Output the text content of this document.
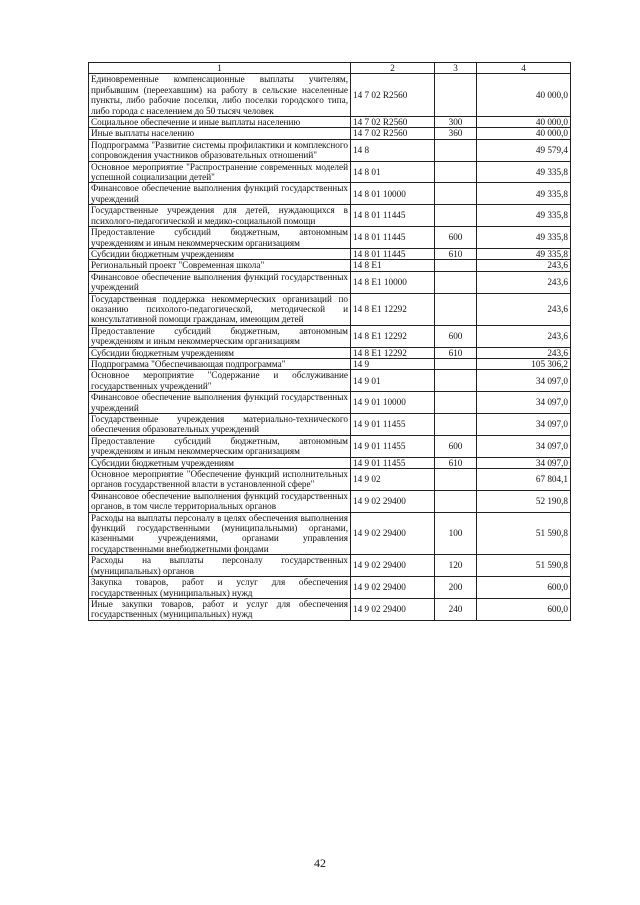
1	2	3	4
Единовременные компенсационные выплаты учителям, прибывшим (переехавшим) на работу в сельские населенные пункты, либо рабочие поселки, либо поселки городского типа, либо города с населением до 50 тысяч человек	14 7 02 R2560		40 000,0
Социальное обеспечение и иные выплаты населению	14 7 02 R2560	300	40 000,0
Иные выплаты населению	14 7 02 R2560	360	40 000,0
Подпрограмма "Развитие системы профилактики и комплексного сопровождения участников образовательных отношений"	14 8		49 579,4
Основное мероприятие "Распространение современных моделей успешной социализации детей"	14 8 01		49 335,8
Финансовое обеспечение выполнения функций государственных учреждений	14 8 01 10000		49 335,8
Государственные учреждения для детей, нуждающихся в психолого-педагогической и медико-социальной помощи	14 8 01 11445		49 335,8
Предоставление субсидий бюджетным, автономным учреждениям и иным некоммерческим организациям	14 8 01 11445	600	49 335,8
Субсидии бюджетным учреждениям	14 8 01 11445	610	49 335,8
Региональный проект "Современная школа"	14 8 E1		243,6
Финансовое обеспечение выполнения функций государственных учреждений	14 8 E1 10000		243,6
Государственная поддержка некоммерческих организаций по оказанию психолого-педагогической, методической и консультативной помощи гражданам, имеющим детей	14 8 E1 12292		243,6
Предоставление субсидий бюджетным, автономным учреждениям и иным некоммерческим организациям	14 8 E1 12292	600	243,6
Субсидии бюджетным учреждениям	14 8 E1 12292	610	243,6
Подпрограмма "Обеспечивающая подпрограмма"	14 9		105 306,2
Основное мероприятие "Содержание и обслуживание государственных учреждений"	14 9 01		34 097,0
Финансовое обеспечение выполнения функций государственных учреждений	14 9 01 10000		34 097,0
Государственные учреждения материально-технического обеспечения образовательных учреждений	14 9 01 11455		34 097,0
Предоставление субсидий бюджетным, автономным учреждениям и иным некоммерческим организациям	14 9 01 11455	600	34 097,0
Субсидии бюджетным учреждениям	14 9 01 11455	610	34 097,0
Основное мероприятие "Обеспечение функций исполнительных органов государственной власти в установленной сфере"	14 9 02		67 804,1
Финансовое обеспечение выполнения функций государственных органов, в том числе территориальных органов	14 9 02 29400		52 190,8
Расходы на выплаты персоналу в целях обеспечения выполнения функций государственными (муниципальными) органами, казенными учреждениями, органами управления государственными внебюджетными фондами	14 9 02 29400	100	51 590,8
Расходы на выплаты персоналу государственных (муниципальных) органов	14 9 02 29400	120	51 590,8
Закупка товаров, работ и услуг для обеспечения государственных (муниципальных) нужд	14 9 02 29400	200	600,0
Иные закупки товаров, работ и услуг для обеспечения государственных (муниципальных) нужд	14 9 02 29400	240	600,0
42
